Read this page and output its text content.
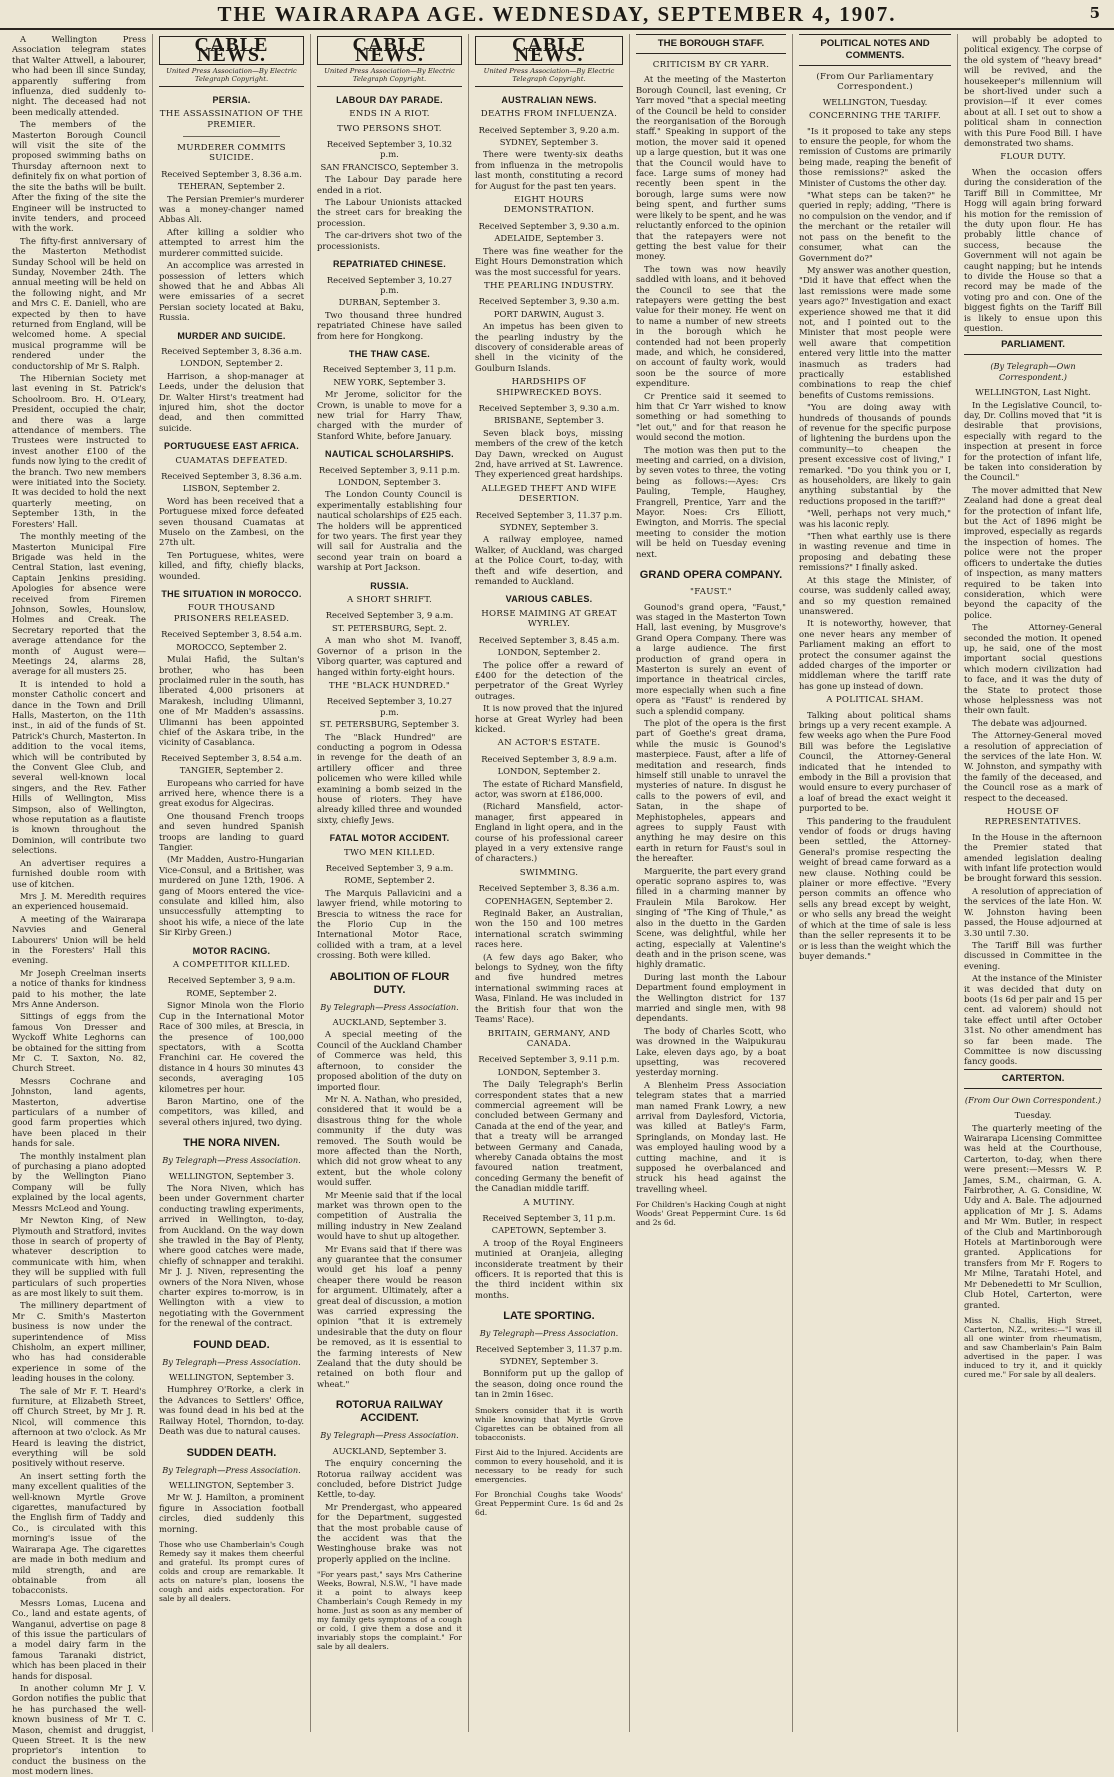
THE WAIRARAPA AGE. WEDNESDAY, SEPTEMBER 4, 1907.	5

A Wellington Press Association telegram states that Walter Attwell, a labourer, who had been ill since Sunday, apparently suffering from influenza, died suddenly to-night. The deceased had not been medically attended.

The members of the Masterton Borough Council will visit the site of the proposed swimming baths on Thursday afternoon next to definitely fix on what portion of the site the baths will be built. After the fixing of the site the Engineer will be instructed to invite tenders, and proceed with the work.

The fifty-first anniversary of the Masterton Methodist Sunday School will be held on Sunday, November 24th. The annual meeting will be held on the following night, and Mr and Mrs C. E. Daniell, who are expected by then to have returned from England, will be welcomed home. A special musical programme will be rendered under the conductorship of Mr S. Ralph.

The Hibernian Society met last evening in St. Patrick's Schoolroom. Bro. H. O'Leary, President, occupied the chair, and there was a large attendance of members. The Trustees were instructed to invest another £100 of the funds now lying to the credit of the branch. Two new members were initiated into the Society. It was decided to hold the next quarterly meeting, on September 13th, in the Foresters' Hall.

The monthly meeting of the Masterton Municipal Fire Brigade was held in the Central Station, last evening, Captain Jenkins presiding. Apologies for absence were received from Firemen Johnson, Sowles, Hounslow, Holmes and Creak. The Secretary reported that the average attendance for the month of August were—Meetings 24, alarms 28, average for all musters 25.

It is intended to hold a monster Catholic concert and dance in the Town and Drill Halls, Masterton, on the 11th inst., in aid of the funds of St. Patrick's Church, Masterton. In addition to the vocal items, which will be contributed by the Convent Glee Club, and several well-known local singers, and the Rev. Father Hills of Wellington, Miss Simpson, also of Wellington, whose reputation as a flautiste is known throughout the Dominion, will contribute two selections.

An advertiser requires a furnished double room with use of kitchen.

Mrs J. M. Meredith requires an experienced housemaid.

A meeting of the Wairarapa Navvies and General Labourers' Union will be held in the Foresters' Hall this evening.

Mr Joseph Creelman inserts a notice of thanks for kindness paid to his mother, the late Mrs Anne Anderson.

Sittings of eggs from the famous Von Dresser and Wyckoff White Leghorns can be obtained for the sitting from Mr C. T. Saxton, No. 82, Church Street.

Messrs Cochrane and Johnston, land agents, Masterton, advertise particulars of a number of good farm properties which have been placed in their hands for sale.

The monthly instalment plan of purchasing a piano adopted by the Wellington Piano Company will be fully explained by the local agents, Messrs McLeod and Young.

Mr Newton King, of New Plymouth and Stratford, invites those in search of property of whatever description to communicate with him, when they will be supplied with full particulars of such properties as are most likely to suit them.

The millinery department of Mr C. Smith's Masterton business is now under the superintendence of Miss Chisholm, an expert milliner, who has had considerable experience in some of the leading houses in the colony.

The sale of Mr F. T. Heard's furniture, at Elizabeth Street, off Church Street, by Mr J. R. Nicol, will commence this afternoon at two o'clock. As Mr Heard is leaving the district, everything will be sold positively without reserve.

An insert setting forth the many excellent qualities of the well-known Myrtle Grove cigarettes, manufactured by the English firm of Taddy and Co., is circulated with this morning's issue of the Wairarapa Age. The cigarettes are made in both medium and mild strength, and are obtainable from all tobacconists.

Messrs Lomas, Lucena and Co., land and estate agents, of Wanganui, advertise on page 8 of this issue the particulars of a model dairy farm in the famous Taranaki district, which has been placed in their hands for disposal.

In another column Mr J. V. Gordon notifies the public that he has purchased the well-known business of Mr T. C. Mason, chemist and druggist, Queen Street. It is the new proprietor's intention to conduct the business on the most modern lines.

CABLE NEWS.
United Press Association—By Electric Telegraph Copyright.
PERSIA.
THE ASSASSINATION OF THE PREMIER.
MURDERER COMMITS SUICIDE.
Received September 3, 8.36 a.m.
TEHERAN, September 2.

The Persian Premier's murderer was a money-changer named Abbas Ali.

After killing a soldier who attempted to arrest him the murderer committed suicide.

An accomplice was arrested in possession of letters which showed that he and Abbas Ali were emissaries of a secret Persian society located at Baku, Russia.

MURDER AND SUICIDE.
Received September 3, 8.36 a.m.
LONDON, September 2.

Harrison, a shop-manager at Leeds, under the delusion that Dr. Walter Hirst's treatment had injured him, shot the doctor dead, and then committed suicide.

PORTUGUESE EAST AFRICA.
CUAMATAS DEFEATED.
Received September 3, 8.36 a.m.
LISBON, September 2.

Word has been received that a Portuguese mixed force defeated seven thousand Cuamatas at Muselo on the Zambesi, on the 27th ult.

Ten Portuguese, whites, were killed, and fifty, chiefly blacks, wounded.

THE SITUATION IN MOROCCO.
FOUR THOUSAND PRISONERS RELEASED.
Received September 3, 8.54 a.m.
MOROCCO, September 2.

Mulai Hafid, the Sultan's brother, who has been proclaimed ruler in the south, has liberated 4,000 prisoners at Marakesh, including Ulimanni, one of Mr Madden's assassins. Ulimanni has been appointed chief of the Askara tribe, in the vicinity of Casablanca.

Received September 3, 8.54 a.m.
TANGIER, September 2.

Europeans who carried for have arrived here, whence there is a great exodus for Algeciras.

One thousand French troops and seven hundred Spanish troops are landing to guard Tangier.

(Mr Madden, Austro-Hungarian Vice-Consul, and a Britisher, was murdered on June 12th, 1906. A gang of Moors entered the vice-consulate and killed him, also unsuccessfully attempting to shoot his wife, a niece of the late Sir Kirby Green.)

MOTOR RACING.
A COMPETITOR KILLED.
Received September 3, 9 a.m.
ROME, September 2.

Signor Minola won the Florio Cup in the International Motor Race of 300 miles, at Brescia, in the presence of 100,000 spectators, with a Scotta Franchini car. He covered the distance in 4 hours 30 minutes 43 seconds, averaging 105 kilometres per hour.

Baron Martino, one of the competitors, was killed, and several others injured, two dying.

THE NORA NIVEN.
By Telegraph—Press Association.
WELLINGTON, September 3.

The Nora Niven, which has been under Government charter conducting trawling experiments, arrived in Wellington, to-day, from Auckland. On the way down she trawled in the Bay of Plenty, where good catches were made, chiefly of schnapper and terakihi. Mr J. J. Niven, representing the owners of the Nora Niven, whose charter expires to-morrow, is in Wellington with a view to negotiating with the Government for the renewal of the contract.

FOUND DEAD.
By Telegraph—Press Association.
WELLINGTON, September 3.

Humphrey O'Rorke, a clerk in the Advances to Settlers' Office, was found dead in his bed at the Railway Hotel, Thorndon, to-day. Death was due to natural causes.

SUDDEN DEATH.
By Telegraph—Press Association.
WELLINGTON, September 3.

Mr W. J. Hamilton, a prominent figure in Association football circles, died suddenly this morning.

Those who use Chamberlain's Cough Remedy say it makes them cheerful and grateful. Its prompt cures of colds and croup are remarkable. It acts on nature's plan, loosens the cough and aids expectoration. For sale by all dealers.
CABLE NEWS.
United Press Association—By Electric Telegraph Copyright.
LABOUR DAY PARADE.
ENDS IN A RIOT.
TWO PERSONS SHOT.
Received September 3, 10.32 p.m.
SAN FRANCISCO, September 3.

The Labour Day parade here ended in a riot.

The Labour Unionists attacked the street cars for breaking the procession.

The car-drivers shot two of the processionists.

REPATRIATED CHINESE.
Received September 3, 10.27 p.m.
DURBAN, September 3.

Two thousand three hundred repatriated Chinese have sailed from here for Hongkong.

THE THAW CASE.
Received September 3, 11 p.m.
NEW YORK, September 3.

Mr Jerome, solicitor for the Crown, is unable to move for a new trial for Harry Thaw, charged with the murder of Stanford White, before January.

NAUTICAL SCHOLARSHIPS.
Received September 3, 9.11 p.m.
LONDON, September 3.

The London County Council is experimentally establishing four nautical scholarships of £25 each. The holders will be apprenticed for two years. The first year they will sail for Australia and the second year train on board a warship at Port Jackson.

RUSSIA.
A SHORT SHRIFT.
Received September 3, 9 a.m.
ST. PETERSBURG, Sept. 2.

A man who shot M. Ivanoff, Governor of a prison in the Viborg quarter, was captured and hanged within forty-eight hours.

THE "BLACK HUNDRED."
Received September 3, 10.27 p.m.
ST. PETERSBURG, September 3.

The "Black Hundred" are conducting a pogrom in Odessa in revenge for the death of an artillery officer and three policemen who were killed while examining a bomb seized in the house of rioters. They have already killed three and wounded sixty, chiefly Jews.

FATAL MOTOR ACCIDENT.
TWO MEN KILLED.
Received September 3, 9 a.m.
ROME, September 2.

The Marquis Pallavicini and a lawyer friend, while motoring to Brescia to witness the race for the Florio Cup in the International Motor Race, collided with a tram, at a level crossing. Both were killed.

ABOLITION OF FLOUR DUTY.
By Telegraph—Press Association.
AUCKLAND, September 3.

A special meeting of the Council of the Auckland Chamber of Commerce was held, this afternoon, to consider the proposed abolition of the duty on imported flour.

Mr N. A. Nathan, who presided, considered that it would be a disastrous thing for the whole community if the duty was removed. The South would be more affected than the North, which did not grow wheat to any extent, but the whole colony would suffer.

Mr Meenie said that if the local market was thrown open to the competition of Australia the milling industry in New Zealand would have to shut up altogether.

Mr Evans said that if there was any guarantee that the consumer would get his loaf a penny cheaper there would be reason for argument. Ultimately, after a great deal of discussion, a motion was carried expressing the opinion "that it is extremely undesirable that the duty on flour be removed, as it is essential to the farming interests of New Zealand that the duty should be retained on both flour and wheat."

ROTORUA RAILWAY ACCIDENT.
By Telegraph—Press Association.
AUCKLAND, September 3.

The enquiry concerning the Rotorua railway accident was concluded, before District Judge Kettle, to-day.

Mr Prendergast, who appeared for the Department, suggested that the most probable cause of the accident was that the Westinghouse brake was not properly applied on the incline.

"For years past," says Mrs Catherine Weeks, Bowral, N.S.W., "I have made it a point to always keep Chamberlain's Cough Remedy in my home. Just as soon as any member of my family gets symptoms of a cough or cold, I give them a dose and it invariably stops the complaint." For sale by all dealers.
CABLE NEWS.
United Press Association—By Electric Telegraph Copyright.
AUSTRALIAN NEWS.
DEATHS FROM INFLUENZA.
Received September 3, 9.20 a.m.
SYDNEY, September 3.

There were twenty-six deaths from influenza in the metropolis last month, constituting a record for August for the past ten years.

EIGHT HOURS DEMONSTRATION.
Received September 3, 9.30 a.m.
ADELAIDE, September 3.

There was fine weather for the Eight Hours Demonstration which was the most successful for years.

THE PEARLING INDUSTRY.
Received September 3, 9.30 a.m.
PORT DARWIN, August 3.

An impetus has been given to the pearling industry by the discovery of considerable areas of shell in the vicinity of the Goulburn Islands.

HARDSHIPS OF SHIPWRECKED BOYS.
Received September 3, 9.30 a.m.
BRISBANE, September 3.

Seven black boys, missing members of the crew of the ketch Day Dawn, wrecked on August 2nd, have arrived at St. Lawrence. They experienced great hardships.

ALLEGED THEFT AND WIFE DESERTION.
Received September 3, 11.37 p.m.
SYDNEY, September 3.

A railway employee, named Walker, of Auckland, was charged at the Police Court, to-day, with theft and wife desertion, and remanded to Auckland.

VARIOUS CABLES.
HORSE MAIMING AT GREAT WYRLEY.
Received September 3, 8.45 a.m.
LONDON, September 2.

The police offer a reward of £400 for the detection of the perpetrator of the Great Wyrley outrages.

It is now proved that the injured horse at Great Wyrley had been kicked.

AN ACTOR'S ESTATE.
Received September 3, 8.9 a.m.
LONDON, September 2.

The estate of Richard Mansfield, actor, was sworn at £186,000.

(Richard Mansfield, actor-manager, first appeared in England in light opera, and in the course of his professional career played in a very extensive range of characters.)

SWIMMING.
Received September 3, 8.36 a.m.
COPENHAGEN, September 2.

Reginald Baker, an Australian, won the 150 and 100 metres international scratch swimming races here.

(A few days ago Baker, who belongs to Sydney, won the fifty and five hundred metres international swimming races at Wasa, Finland. He was included in the British four that won the Teams' Race).

BRITAIN, GERMANY, AND CANADA.
Received September 3, 9.11 p.m.
LONDON, September 3.

The Daily Telegraph's Berlin correspondent states that a new commercial agreement will be concluded between Germany and Canada at the end of the year, and that a treaty will be arranged between Germany and Canada, whereby Canada obtains the most favoured nation treatment, conceding Germany the benefit of the Canadian middle tariff.

A MUTINY.
Received September 3, 11 p.m.
CAPETOWN, September 3.

A troop of the Royal Engineers mutinied at Oranjeia, alleging inconsiderate treatment by their officers. It is reported that this is the third incident within six months.

LATE SPORTING.
By Telegraph—Press Association.
Received September 3, 11.37 p.m.
SYDNEY, September 3.

Bonniform put up the gallop of the season, doing once round the tan in 2min 16sec.

Smokers consider that it is worth while knowing that Myrtle Grove Cigarettes can be obtained from all tobacconists.
First Aid to the Injured. Accidents are common to every household, and it is necessary to be ready for such emergencies.
For Bronchial Coughs take Woods' Great Peppermint Cure. 1s 6d and 2s 6d.
THE BOROUGH STAFF.
CRITICISM BY CR YARR.

At the meeting of the Masterton Borough Council, last evening, Cr Yarr moved "that a special meeting of the Council be held to consider the reorganisation of the Borough staff." Speaking in support of the motion, the mover said it opened up a large question, but it was one that the Council would have to face. Large sums of money had recently been spent in the borough, large sums were now being spent, and further sums were likely to be spent, and he was reluctantly enforced to the opinion that the ratepayers were not getting the best value for their money.

The town was now heavily saddled with loans, and it behoved the Council to see that the ratepayers were getting the best value for their money. He went on to name a number of new streets in the borough which he contended had not been properly made, and which, he considered, on account of faulty work, would soon be the source of more expenditure.

Cr Prentice said it seemed to him that Cr Yarr wished to know something or had something to "let out," and for that reason he would second the motion.

The motion was then put to the meeting and carried, on a division, by seven votes to three, the voting being as follows:—Ayes: Crs Pauling, Temple, Haughey, Frangrell, Prentice, Yarr and the Mayor. Noes: Crs Elliott, Ewington, and Morris. The special meeting to consider the motion will be held on Tuesday evening next.

GRAND OPERA COMPANY.
"FAUST."

Gounod's grand opera, "Faust," was staged in the Masterton Town Hall, last evening, by Musgrove's Grand Opera Company. There was a large audience. The first production of grand opera in Masterton is surely an event of importance in theatrical circles, more especially when such a fine opera as "Faust" is rendered by such a splendid company.

The plot of the opera is the first part of Goethe's great drama, while the music is Gounod's masterpiece. Faust, after a life of meditation and research, finds himself still unable to unravel the mysteries of nature. In disgust he calls to the powers of evil, and Satan, in the shape of Mephistopheles, appears and agrees to supply Faust with anything he may desire on this earth in return for Faust's soul in the hereafter.

Marguerite, the part every grand operatic soprano aspires to, was filled in a charming manner by Fraulein Mila Barokow. Her singing of "The King of Thule," as also in the duetto in the Garden Scene, was delightful, while her acting, especially at Valentine's death and in the prison scene, was highly dramatic.

During last month the Labour Department found employment in the Wellington district for 137 married and single men, with 98 dependants.

The body of Charles Scott, who was drowned in the Waipukurau Lake, eleven days ago, by a boat upsetting, was recovered yesterday morning.

A Blenheim Press Association telegram states that a married man named Frank Lowry, a new arrival from Daylesford, Victoria, was killed at Batley's Farm, Springlands, on Monday last. He was employed hauling wood by a cutting machine, and it is supposed he overbalanced and struck his head against the travelling wheel.

For Children's Hacking Cough at night Woods' Great Peppermint Cure. 1s 6d and 2s 6d.
POLITICAL NOTES AND COMMENTS.
(From Our Parliamentary Correspondent.)
WELLINGTON, Tuesday.
CONCERNING THE TARIFF.

"Is it proposed to take any steps to ensure the people, for whom the remission of Customs are primarily being made, reaping the benefit of those remissions?" asked the Minister of Customs the other day.

"What steps can be taken?" he queried in reply; adding, "There is no compulsion on the vendor, and if the merchant or the retailer will not pass on the benefit to the consumer, what can the Government do?"

My answer was another question, "Did it have that effect when the last remissions were made some years ago?" Investigation and exact experience showed me that it did not, and I pointed out to the Minister that most people were well aware that competition entered very little into the matter inasmuch as traders had practically established combinations to reap the chief benefits of Customs remissions.

"You are doing away with hundreds of thousands of pounds of revenue for the specific purpose of lightening the burdens upon the community—to cheapen the present excessive cost of living," I remarked. "Do you think you or I, as householders, are likely to gain anything substantial by the reductions proposed in the tariff?"

"Well, perhaps not very much," was his laconic reply.

"Then what earthly use is there in wasting revenue and time in proposing and debating these remissions?" I finally asked.

At this stage the Minister, of course, was suddenly called away, and so my question remained unanswered.

It is noteworthy, however, that one never hears any member of Parliament making an effort to protect the consumer against the added charges of the importer or middleman where the tariff rate has gone up instead of down.

A POLITICAL SHAM.

Talking about political shams brings up a very recent example. A few weeks ago when the Pure Food Bill was before the Legislative Council, the Attorney-General indicated that he intended to embody in the Bill a provision that would ensure to every purchaser of a loaf of bread the exact weight it purported to be.

This pandering to the fraudulent vendor of foods or drugs having been settled, the Attorney-General's promise respecting the weight of bread came forward as a new clause. Nothing could be plainer or more effective. "Every person commits an offence who sells any bread except by weight, or who sells any bread the weight of which at the time of sale is less than the seller represents it to be or is less than the weight which the buyer demands."

will probably be adopted to political exigency. The corpse of the old system of "heavy bread" will be revived, and the housekeeper's millennium will be short-lived under such a provision—if it ever comes about at all. I set out to show a political sham in connection with this Pure Food Bill. I have demonstrated two shams.

FLOUR DUTY.

When the occasion offers during the consideration of the Tariff Bill in Committee, Mr Hogg will again bring forward his motion for the remission of the duty upon flour. He has probably little chance of success, because the Government will not again be caught napping; but he intends to divide the House so that a record may be made of the voting pro and con. One of the biggest fights on the Tariff Bill is likely to ensue upon this question.

PARLIAMENT.
(By Telegraph—Own Correspondent.)
WELLINGTON, Last Night.

In the Legislative Council, to-day, Dr. Collins moved that "it is desirable that provisions, especially with regard to the inspection at present in force for the protection of infant life, be taken into consideration by the Council."

The mover admitted that New Zealand had done a great deal for the protection of infant life, but the Act of 1896 might be improved, especially as regards the inspection of homes. The police were not the proper officers to undertake the duties of inspection, as many matters required to be taken into consideration, which were beyond the capacity of the police.

The Attorney-General seconded the motion. It opened up, he said, one of the most important social questions which modern civilization had to face, and it was the duty of the State to protect those whose helplessness was not their own fault.

The debate was adjourned.

The Attorney-General moved a resolution of appreciation of the services of the late Hon. W. W. Johnston, and sympathy with the family of the deceased, and the Council rose as a mark of respect to the deceased.

HOUSE OF REPRESENTATIVES.

In the House in the afternoon the Premier stated that amended legislation dealing with infant life protection would be brought forward this session.

A resolution of appreciation of the services of the late Hon. W. W. Johnston having been passed, the House adjourned at 3.30 until 7.30.

The Tariff Bill was further discussed in Committee in the evening.

At the instance of the Minister it was decided that duty on boots (1s 6d per pair and 15 per cent. ad valorem) should not take effect until after October 31st. No other amendment has so far been made. The Committee is now discussing fancy goods.

CARTERTON.
(From Our Own Correspondent.)
Tuesday.

The quarterly meeting of the Wairarapa Licensing Committee was held at the Courthouse, Carterton, to-day, when there were present:—Messrs W. P. James, S.M., chairman, G. A. Fairbrother, A. G. Considine, W. Udy and A. Bale. The adjourned application of Mr J. S. Adams and Mr Wm. Butler, in respect of the Club and Martinborough Hotels at Martinborough were granted. Applications for transfers from Mr F. Rogers to Mr Milne, Taratahi Hotel, and Mr Debenedetti to Mr Scullion, Club Hotel, Carterton, were granted.

Miss N. Challis, High Street, Carterton, N.Z., writes:—"I was ill all one winter from rheumatism, and saw Chamberlain's Pain Balm advertised in the paper. I was induced to try it, and it quickly cured me." For sale by all dealers.
